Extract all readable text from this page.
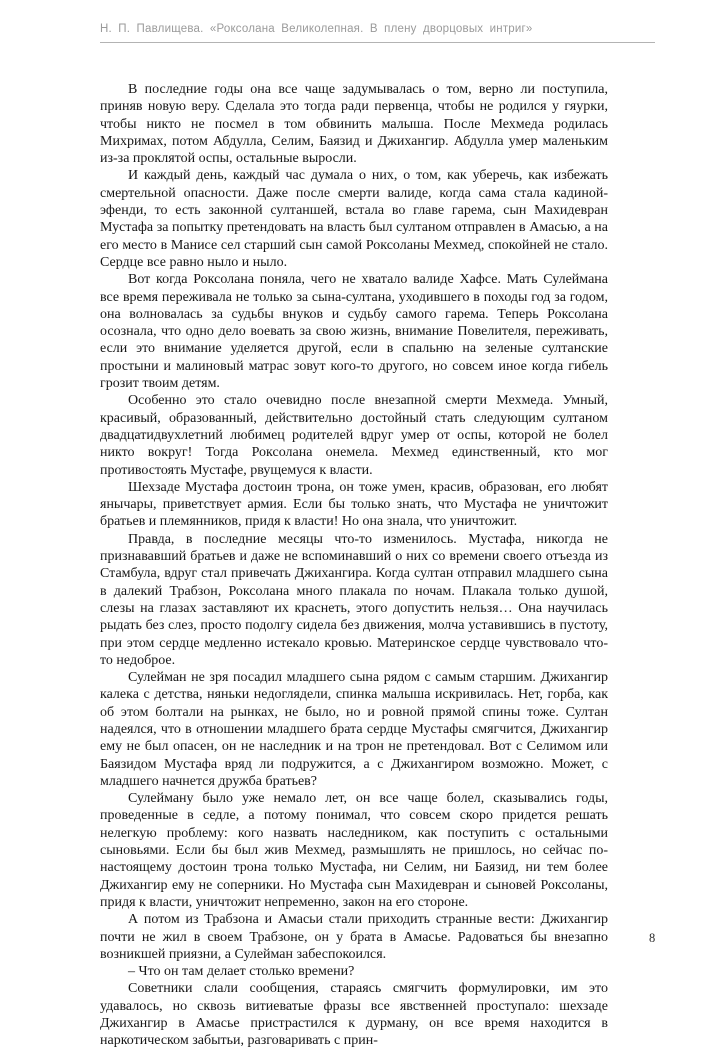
Н. П. Павлищева. «Роксолана Великолепная. В плену дворцовых интриг»

В последние годы она все чаще задумывалась о том, верно ли поступила, приняв новую веру. Сделала это тогда ради первенца, чтобы не родился у гяурки, чтобы никто не посмел в том обвинить малыша. После Мехмеда родилась Михримах, потом Абдулла, Селим, Баязид и Джихангир. Абдулла умер маленьким из-за проклятой оспы, остальные выросли.

И каждый день, каждый час думала о них, о том, как уберечь, как избежать смертельной опасности. Даже после смерти валиде, когда сама стала кадиной-эфенди, то есть законной султаншей, встала во главе гарема, сын Махидевран Мустафа за попытку претендовать на власть был султаном отправлен в Амасью, а на его место в Манисе сел старший сын самой Роксоланы Мехмед, спокойней не стало. Сердце все равно ныло и ныло.

Вот когда Роксолана поняла, чего не хватало валиде Хафсе. Мать Сулеймана все время переживала не только за сына-султана, уходившего в походы год за годом, она волновалась за судьбы внуков и судьбу самого гарема. Теперь Роксолана осознала, что одно дело воевать за свою жизнь, внимание Повелителя, переживать, если это внимание уделяется другой, если в спальню на зеленые султанские простыни и малиновый матрас зовут кого-то другого, но совсем иное когда гибель грозит твоим детям.

Особенно это стало очевидно после внезапной смерти Мехмеда. Умный, красивый, образованный, действительно достойный стать следующим султаном двадцатидвухлетний любимец родителей вдруг умер от оспы, которой не болел никто вокруг! Тогда Роксолана онемела. Мехмед единственный, кто мог противостоять Мустафе, рвущемуся к власти.

Шехзаде Мустафа достоин трона, он тоже умен, красив, образован, его любят янычары, приветствует армия. Если бы только знать, что Мустафа не уничтожит братьев и племянников, придя к власти! Но она знала, что уничтожит.

Правда, в последние месяцы что-то изменилось. Мустафа, никогда не признававший братьев и даже не вспоминавший о них со времени своего отъезда из Стамбула, вдруг стал привечать Джихангира. Когда султан отправил младшего сына в далекий Трабзон, Роксолана много плакала по ночам. Плакала только душой, слезы на глазах заставляют их краснеть, этого допустить нельзя… Она научилась рыдать без слез, просто подолгу сидела без движения, молча уставившись в пустоту, при этом сердце медленно истекало кровью. Материнское сердце чувствовало что-то недоброе.

Сулейман не зря посадил младшего сына рядом с самым старшим. Джихангир калека с детства, няньки недоглядели, спинка малыша искривилась. Нет, горба, как об этом болтали на рынках, не было, но и ровной прямой спины тоже. Султан надеялся, что в отношении младшего брата сердце Мустафы смягчится, Джихангир ему не был опасен, он не наследник и на трон не претендовал. Вот с Селимом или Баязидом Мустафа вряд ли подружится, а с Джихангиром возможно. Может, с младшего начнется дружба братьев?

Сулейману было уже немало лет, он все чаще болел, сказывались годы, проведенные в седле, а потому понимал, что совсем скоро придется решать нелегкую проблему: кого назвать наследником, как поступить с остальными сыновьями. Если бы был жив Мехмед, размышлять не пришлось, но сейчас по-настоящему достоин трона только Мустафа, ни Селим, ни Баязид, ни тем более Джихангир ему не соперники. Но Мустафа сын Махидевран и сыновей Роксоланы, придя к власти, уничтожит непременно, закон на его стороне.

А потом из Трабзона и Амасьи стали приходить странные вести: Джихангир почти не жил в своем Трабзоне, он у брата в Амасье. Радоваться бы внезапно возникшей приязни, а Сулейман забеспокоился.

– Что он там делает столько времени?

Советники слали сообщения, стараясь смягчить формулировки, им это удавалось, но сквозь витиеватые фразы все явственней проступало: шехзаде Джихангир в Амасье пристрастился к дурману, он все время находится в наркотическом забытьи, разговаривать с прин-

8
